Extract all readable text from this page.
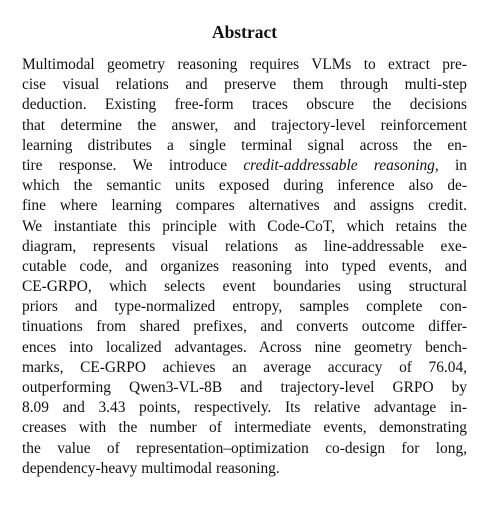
Abstract
Multimodal geometry reasoning requires VLMs to extract pre-
cise visual relations and preserve them through multi-step
deduction. Existing free-form traces obscure the decisions
that determine the answer, and trajectory-level reinforcement
learning distributes a single terminal signal across the en-
tire response. We introduce credit-addressable reasoning, in
which the semantic units exposed during inference also de-
fine where learning compares alternatives and assigns credit.
We instantiate this principle with Code-CoT, which retains the
diagram, represents visual relations as line-addressable exe-
cutable code, and organizes reasoning into typed events, and
CE-GRPO, which selects event boundaries using structural
priors and type-normalized entropy, samples complete con-
tinuations from shared prefixes, and converts outcome differ-
ences into localized advantages. Across nine geometry bench-
marks, CE-GRPO achieves an average accuracy of 76.04,
outperforming Qwen3-VL-8B and trajectory-level GRPO by
8.09 and 3.43 points, respectively. Its relative advantage in-
creases with the number of intermediate events, demonstrating
the value of representation–optimization co-design for long,
dependency-heavy multimodal reasoning.
